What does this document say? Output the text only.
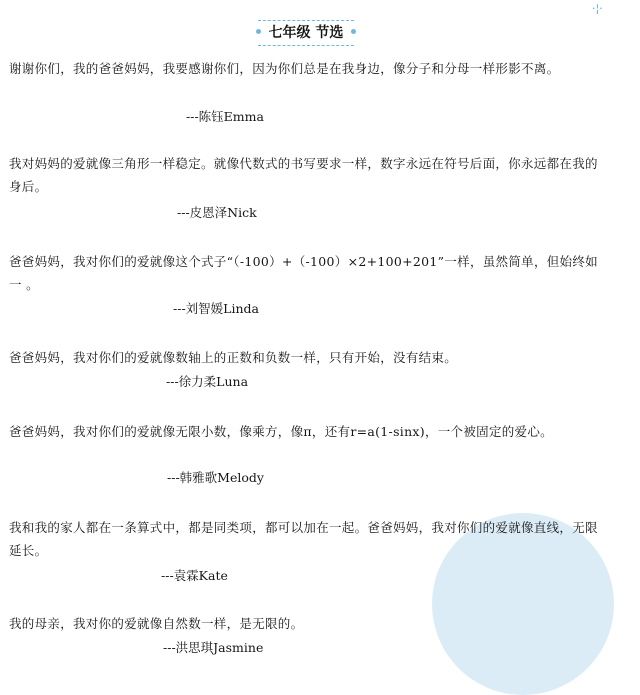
·¦·
七年级 节选
谢谢你们，我的爸爸妈妈，我要感谢你们，因为你们总是在我身边，像分子和分母一样形影不离。
---陈钰Emma
我对妈妈的爱就像三角形一样稳定。就像代数式的书写要求一样，数字永远在符号后面，你永远都在我的身后。
---皮恩泽Nick
爸爸妈妈，我对你们的爱就像这个式子“（-100）+（-100）×2+100+201”一样，虽然简单，但始终如一 。
---刘智媛Linda
爸爸妈妈，我对你们的爱就像数轴上的正数和负数一样，只有开始，没有结束。
---徐力柔Luna
爸爸妈妈，我对你们的爱就像无限小数，像乘方，像π，还有r=a(1-sinx)，一个被固定的爱心。
---韩雅歌Melody
我和我的家人都在一条算式中，都是同类项，都可以加在一起。爸爸妈妈，我对你们的爱就像直线，无限延长。
---袁霖Kate
我的母亲，我对你的爱就像自然数一样，是无限的。
---洪思琪Jasmine
